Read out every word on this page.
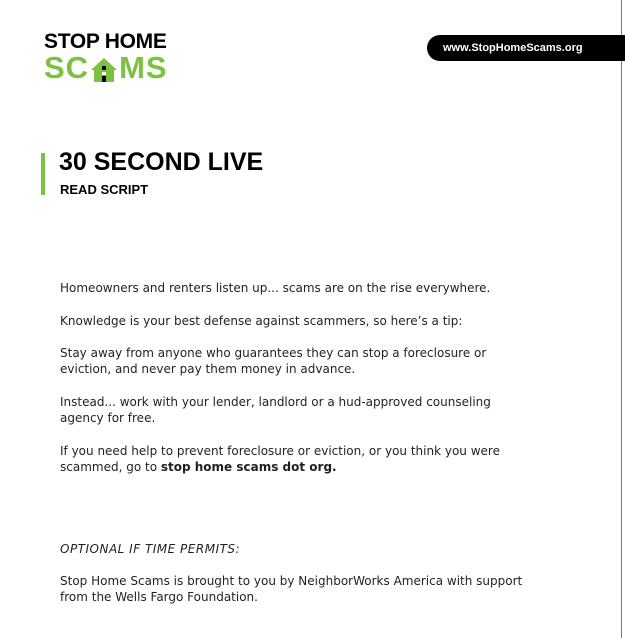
STOP HOME
SC MS
www.StopHomeScams.org
30 SECOND LIVE
READ SCRIPT

Homeowners and renters listen up... scams are on the rise everywhere.

Knowledge is your best defense against scammers, so here’s a tip:

Stay away from anyone who guarantees they can stop a foreclosure or eviction, and never pay them money in advance.

Instead... work with your lender, landlord or a hud-approved counseling agency for free.

If you need help to prevent foreclosure or eviction, or you think you were scammed, go to stop home scams dot org.

OPTIONAL IF TIME PERMITS:

Stop Home Scams is brought to you by NeighborWorks America with support from the Wells Fargo Foundation.
